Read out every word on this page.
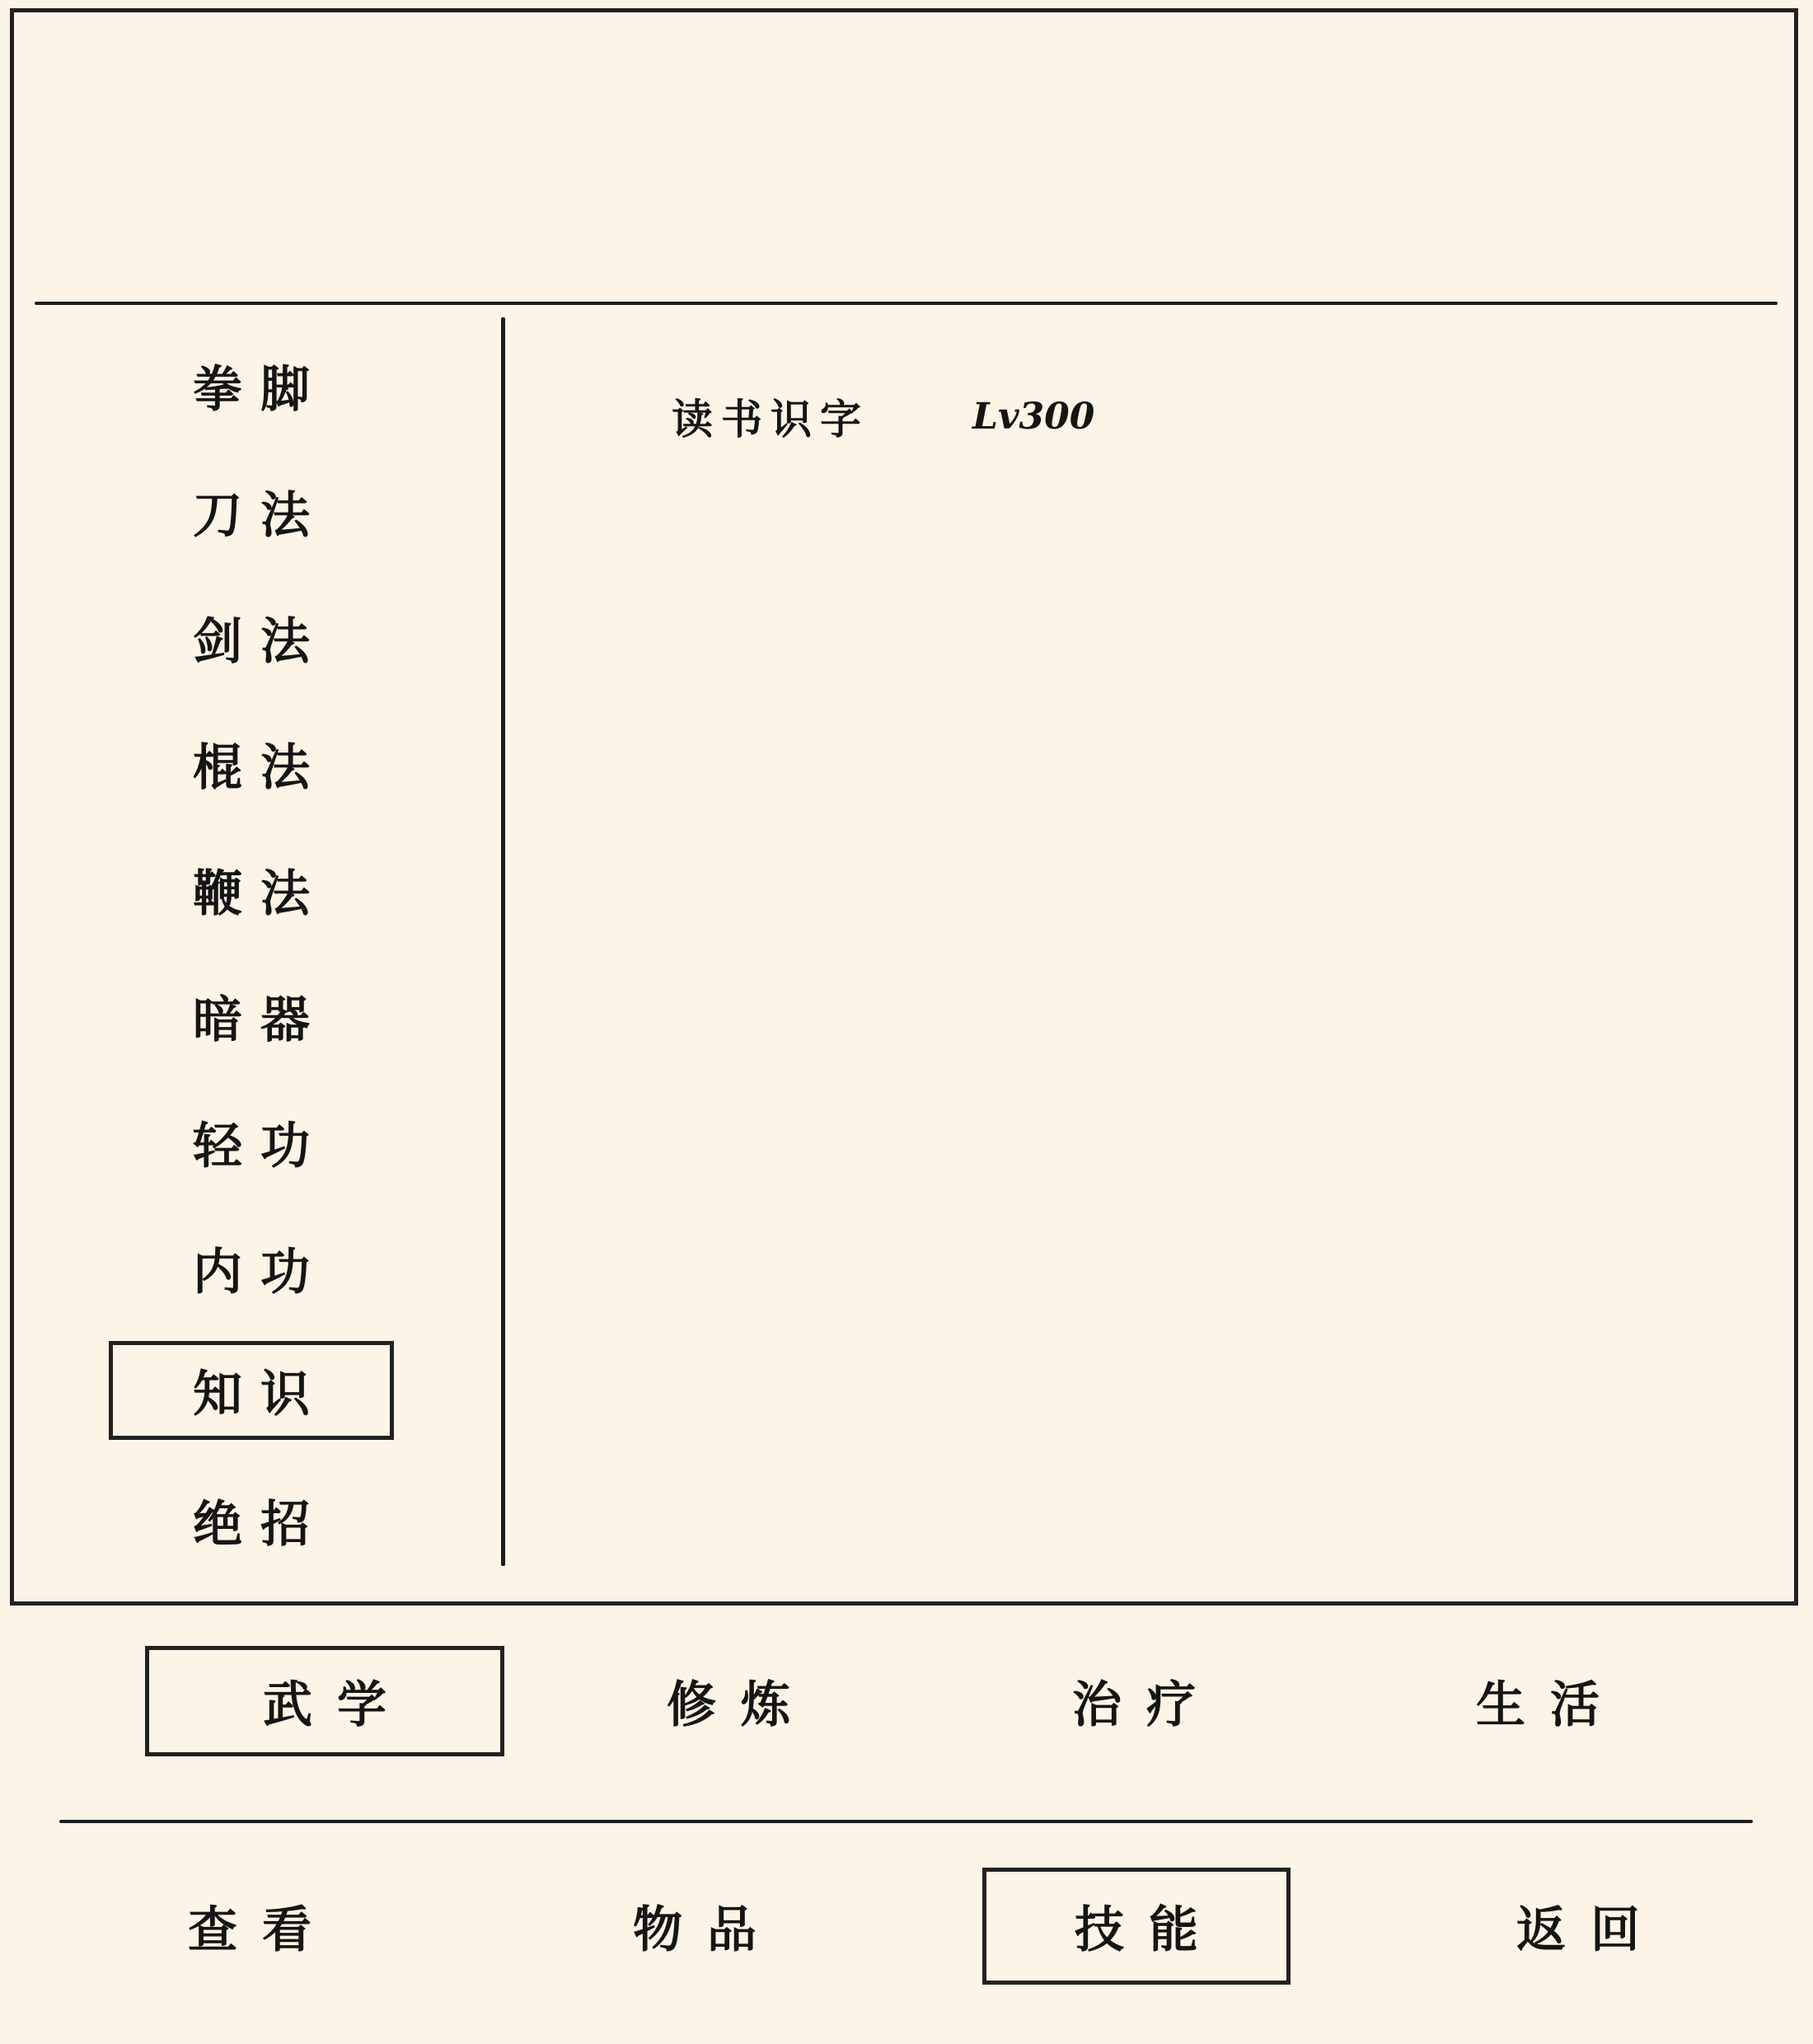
拳脚
刀法
剑法
棍法
鞭法
暗器
轻功
内功
知识
绝招
读书识字	Lv300
武学	修炼	治疗	生活
查看	物品	技能	返回
